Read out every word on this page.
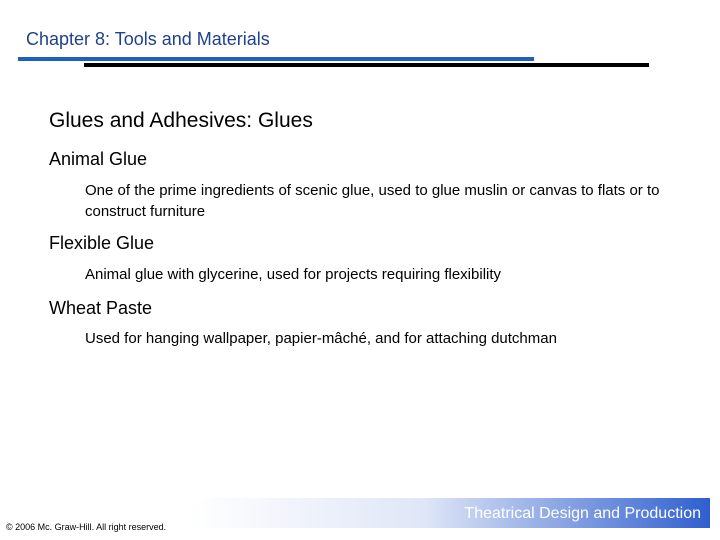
Chapter 8: Tools and Materials
Glues and Adhesives: Glues
Animal Glue
One of the prime ingredients of scenic glue, used to glue muslin or canvas to flats or to construct furniture
Flexible Glue
Animal glue with glycerine, used for projects requiring flexibility
Wheat Paste
Used for hanging wallpaper, papier-mâché, and for attaching dutchman
Theatrical Design and Production
© 2006 Mc. Graw-Hill. All right reserved.
